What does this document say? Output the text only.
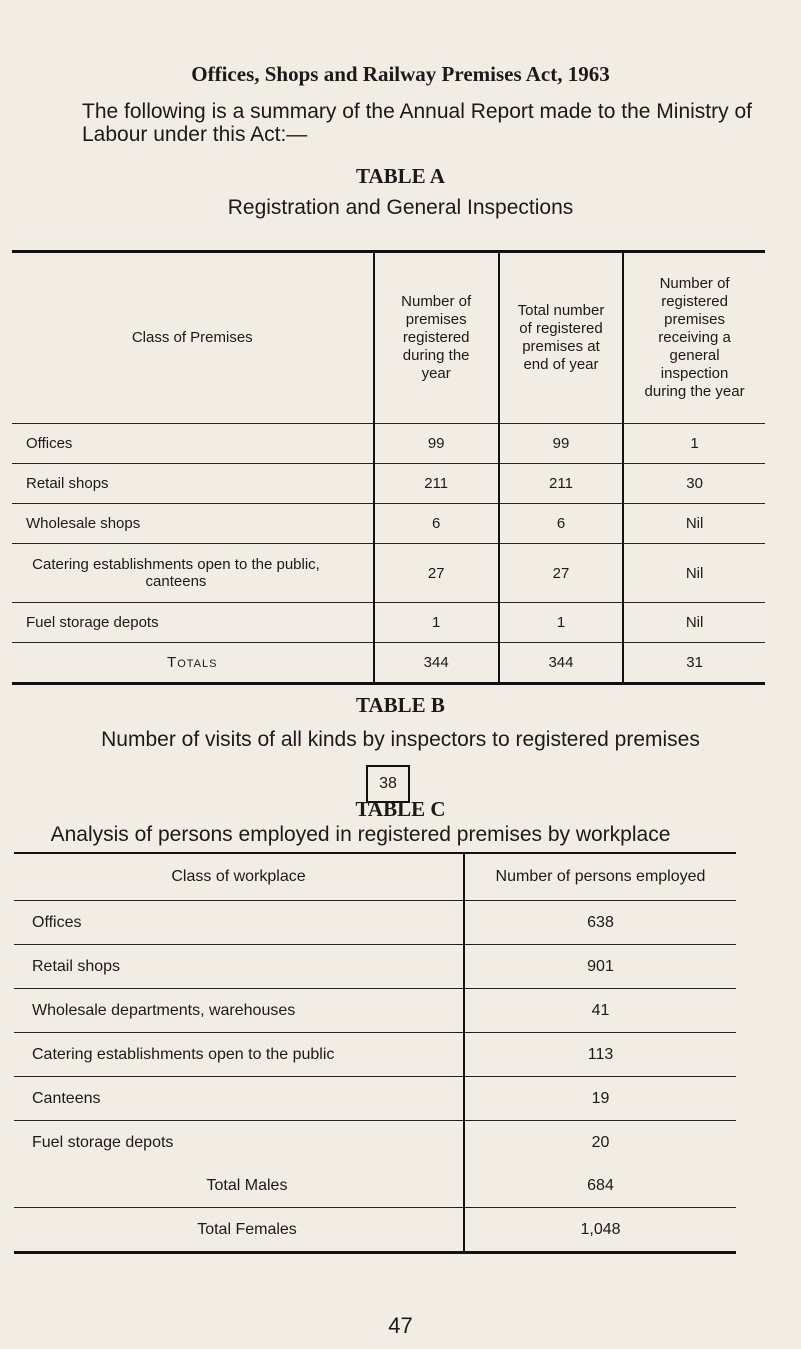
Offices, Shops and Railway Premises Act, 1963
The following is a summary of the Annual Report made to the Ministry of Labour under this Act:—
TABLE A
Registration and General Inspections
Class of Premises	Number of premises registered during the year	Total number of registered premises at end of year	Number of registered premises receiving a general inspection during the year

Offices	99	99	1
Retail shops	211	211	30
Wholesale shops	6	6	Nil

Catering establishments open to the public, canteens	27	27	Nil
Fuel storage depots	1	1	Nil
Totals	344	344	31
TABLE B
Number of visits of all kinds by inspectors to registered premises
38
TABLE C
Analysis of persons employed in registered premises by workplace
Class of workplace	Number of persons employed
Offices	638
Retail shops	901
Wholesale departments, warehouses	41
Catering establishments open to the public	113
Canteens	19
Fuel storage depots	20
Total Males	684
Total Females	1,048
47
